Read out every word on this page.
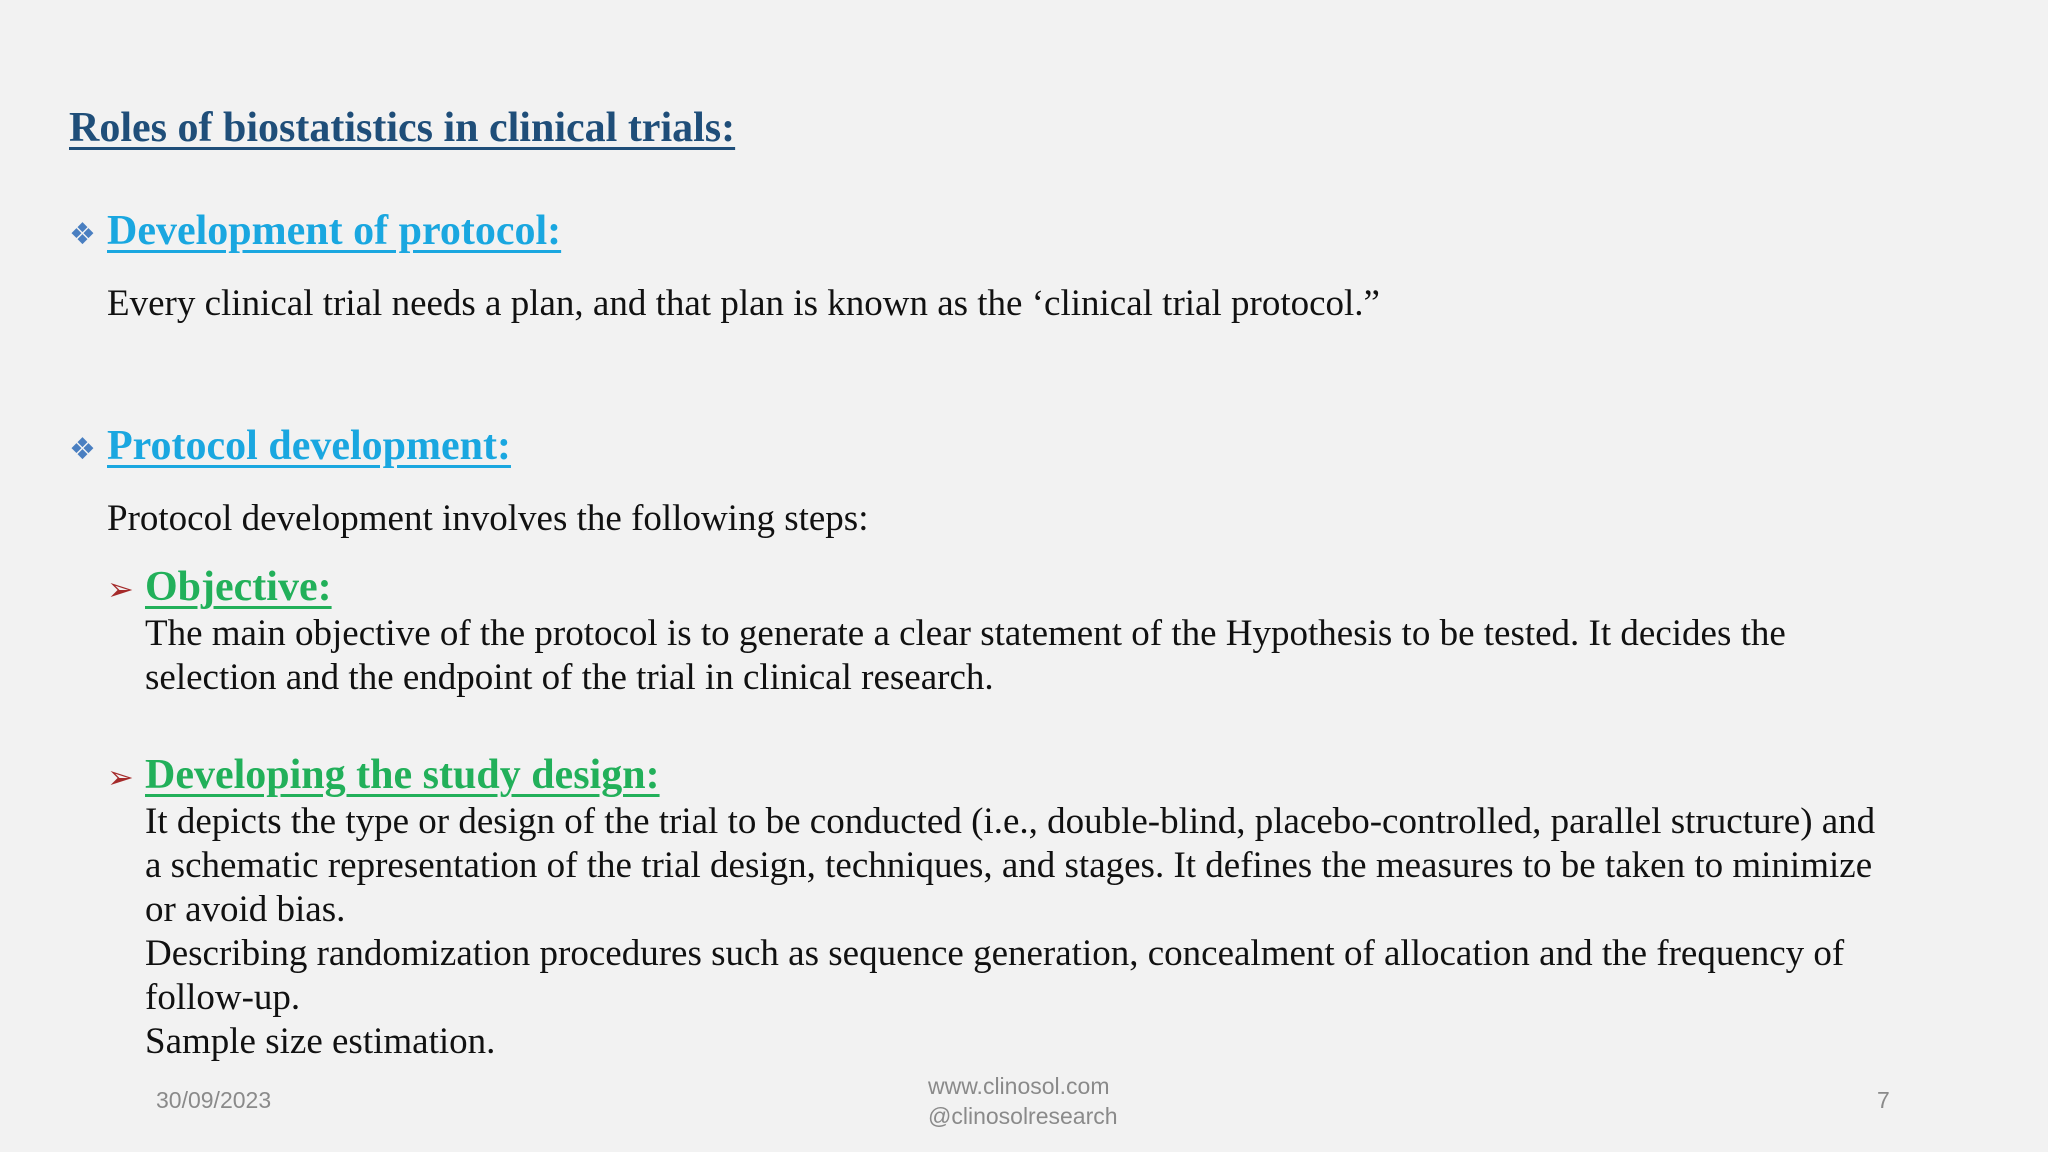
Roles of biostatistics in clinical trials:
❖ Development of protocol:
Every clinical trial needs a plan, and that plan is known as the ‘clinical trial protocol.”
❖ Protocol development:
Protocol development involves the following steps:
➢ Objective:
The main objective of the protocol is to generate a clear statement of the Hypothesis to be tested. It decides the
selection and the endpoint of the trial in clinical research.
➢ Developing the study design:
It depicts the type or design of the trial to be conducted (i.e., double-blind, placebo-controlled, parallel structure) and
a schematic representation of the trial design, techniques, and stages. It defines the measures to be taken to minimize
or avoid bias.
Describing randomization procedures such as sequence generation, concealment of allocation and the frequency of
follow-up.
Sample size estimation.
30/09/2023
www.clinosol.com
@clinosolresearch
7
